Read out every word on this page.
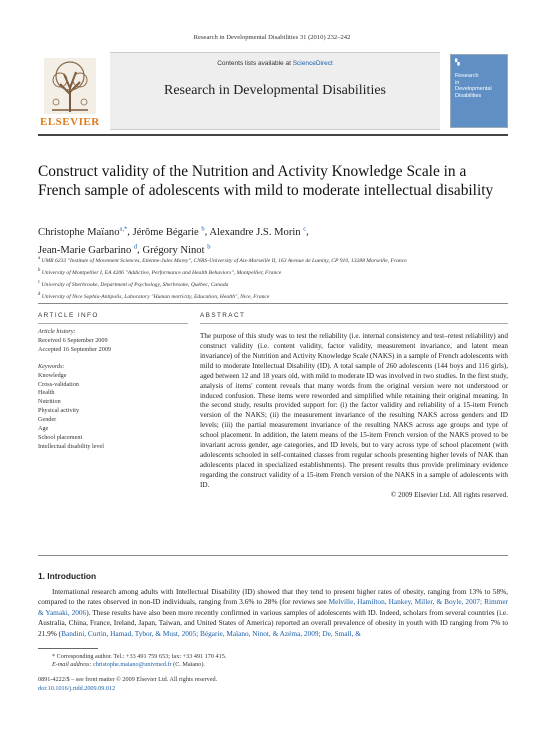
Research in Developmental Disabilities 31 (2010) 232–242
ELSEVIER
Contents lists available at ScienceDirect
Research in Developmental Disabilities
▚
Research
in
Developmental
Disabilities
Construct validity of the Nutrition and Activity Knowledge Scale in a French sample of adolescents with mild to moderate intellectual disability
Christophe Maïano$^{a,*}$, Jérôme Bégarie $^b$, Alexandre J.S. Morin $^c$,
Jean-Marie Garbarino $^d$, Grégory Ninot $^b$
$^a$ UMR 6233 "Institute of Movement Sciences, Etienne-Jules Marey", CNRS-University of Aix-Marseille II, 163 Avenue de Luminy, CP 910, 13288 Marseille, France
$^b$ University of Montpellier I, EA 4206 "Addictive, Performance and Health Behaviors", Montpellier, France
$^c$ University of Sherbrooke, Department of Psychology, Sherbrooke, Québec, Canada
$^d$ University of Nice Sophia-Antipolis, Laboratory "Human motricity, Education, Health", Nice, France
ARTICLE INFO	ABSTRACT
Article history:
Received 6 September 2009
Accepted 16 September 2009
Keywords:
Knowledge
Cross-validation
Health
Nutrition
Physical activity
Gender
Age
School placement
Intellectual disability level
The purpose of this study was to test the reliability (i.e. internal consistency and test–retest reliability) and construct validity (i.e. content validity, factor validity, measurement invariance, and latent mean invariance) of the Nutrition and Activity Knowledge Scale (NAKS) in a sample of French adolescents with mild to moderate Intellectual Disability (ID). A total sample of 260 adolescents (144 boys and 116 girls), aged between 12 and 18 years old, with mild to moderate ID was involved in two studies. In the first study, analysis of items' content reveals that many words from the original version were not understood or induced confusion. These items were reworded and simplified while retaining their original meaning. In the second study, results provided support for: (i) the factor validity and reliability of a 15-item French version of the NAKS; (ii) the measurement invariance of the resulting NAKS across genders and ID levels; (iii) the partial measurement invariance of the resulting NAKS across age groups and type of school placement. In addition, the latent means of the 15-item French version of the NAKS proved to be invariant across gender, age categories, and ID levels, but to vary across type of school placement (with adolescents schooled in self-contained classes from regular schools presenting higher levels of NAK than adolescents placed in specialized establishments). The present results thus provide preliminary evidence regarding the construct validity of a 15-item French version of the NAKS in a sample of adolescents with ID.
© 2009 Elsevier Ltd. All rights reserved.
1. Introduction
International research among adults with Intellectual Disability (ID) showed that they tend to present higher rates of obesity, ranging from 13% to 58%, compared to the rates observed in non-ID individuals, ranging from 3.6% to 28% (for reviews see Melville, Hamilton, Hankey, Miller, & Boyle, 2007; Rimmer & Yamaki, 2006). These results have also been more recently confirmed in various samples of adolescents with ID. Indeed, scholars from several countries (i.e. Australia, China, France, Ireland, Japan, Taiwan, and United States of America) reported an overall prevalence of obesity in youth with ID ranging from 7% to 21.9% (Bandini, Curtin, Hamad, Tybor, & Must, 2005; Bégarie, Maïano, Ninot, & Azéma, 2009; De, Small, &
* Corresponding author. Tel.: +33 491 759 653; fax: +33 491 170 415.
E-mail address: christophe.maiano@univmed.fr (C. Maïano).
0891-4222/$ – see front matter © 2009 Elsevier Ltd. All rights reserved.
doi:10.1016/j.ridd.2009.09.012
